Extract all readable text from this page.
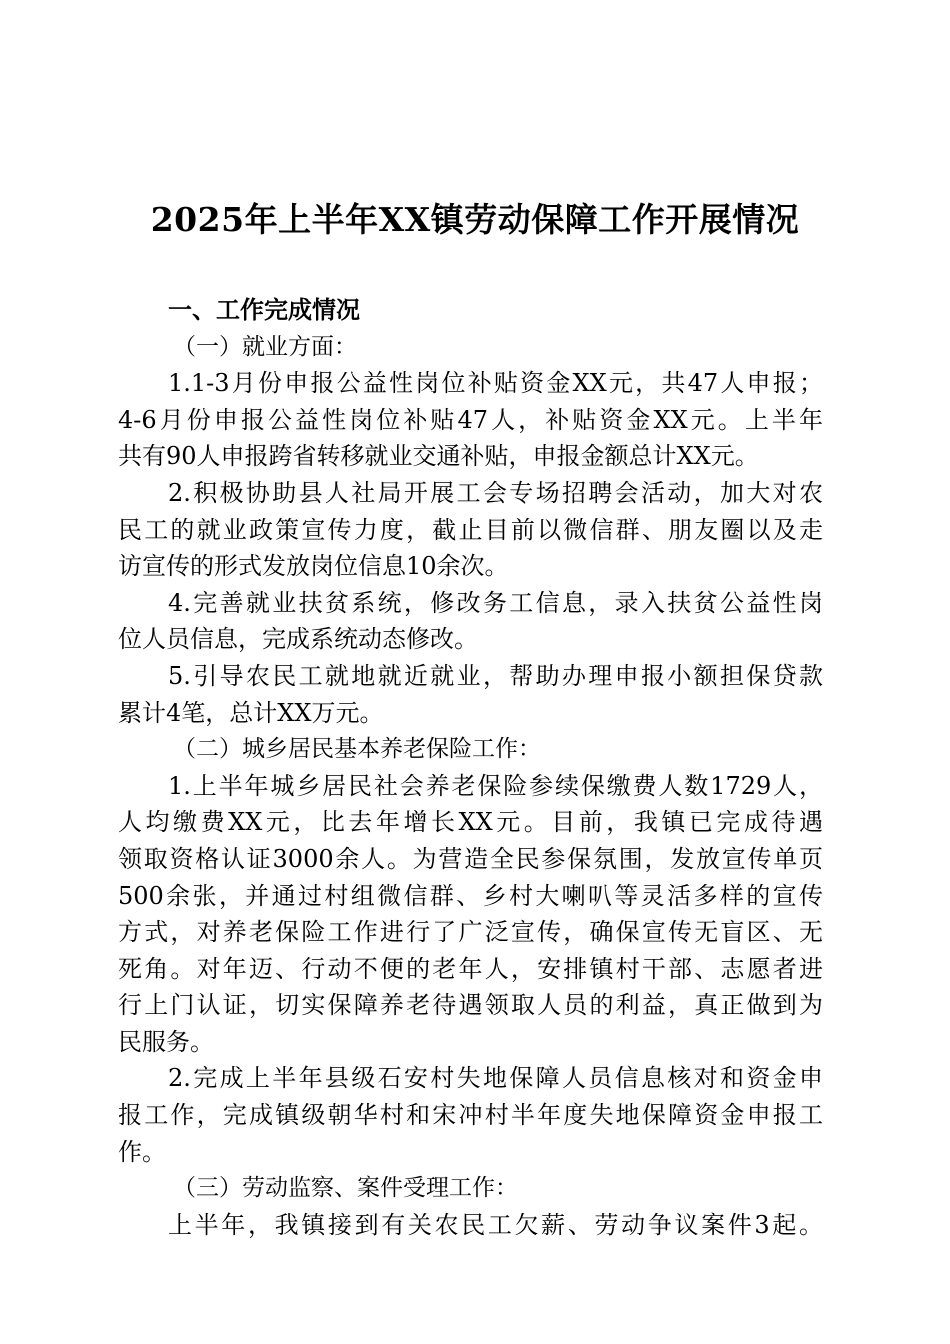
2025年上半年XX镇劳动保障工作开展情况
一、工作完成情况
（一）就业方面：
1.1-3月份申报公益性岗位补贴资金XX元，共47人申报；
4-6月份申报公益性岗位补贴47人，补贴资金XX元。上半年
共有90人申报跨省转移就业交通补贴，申报金额总计XX元。
2.积极协助县人社局开展工会专场招聘会活动，加大对农
民工的就业政策宣传力度，截止目前以微信群、朋友圈以及走
访宣传的形式发放岗位信息10余次。
4.完善就业扶贫系统，修改务工信息，录入扶贫公益性岗
位人员信息，完成系统动态修改。
5.引导农民工就地就近就业，帮助办理申报小额担保贷款
累计4笔，总计XX万元。
（二）城乡居民基本养老保险工作：
1.上半年城乡居民社会养老保险参续保缴费人数1729人，
人均缴费XX元，比去年增长XX元。目前，我镇已完成待遇
领取资格认证3000余人。为营造全民参保氛围，发放宣传单页
500余张，并通过村组微信群、乡村大喇叭等灵活多样的宣传
方式，对养老保险工作进行了广泛宣传，确保宣传无盲区、无
死角。对年迈、行动不便的老年人，安排镇村干部、志愿者进
行上门认证，切实保障养老待遇领取人员的利益，真正做到为
民服务。
2.完成上半年县级石安村失地保障人员信息核对和资金申
报工作，完成镇级朝华村和宋冲村半年度失地保障资金申报工
作。
（三）劳动监察、案件受理工作：
上半年，我镇接到有关农民工欠薪、劳动争议案件3起。
